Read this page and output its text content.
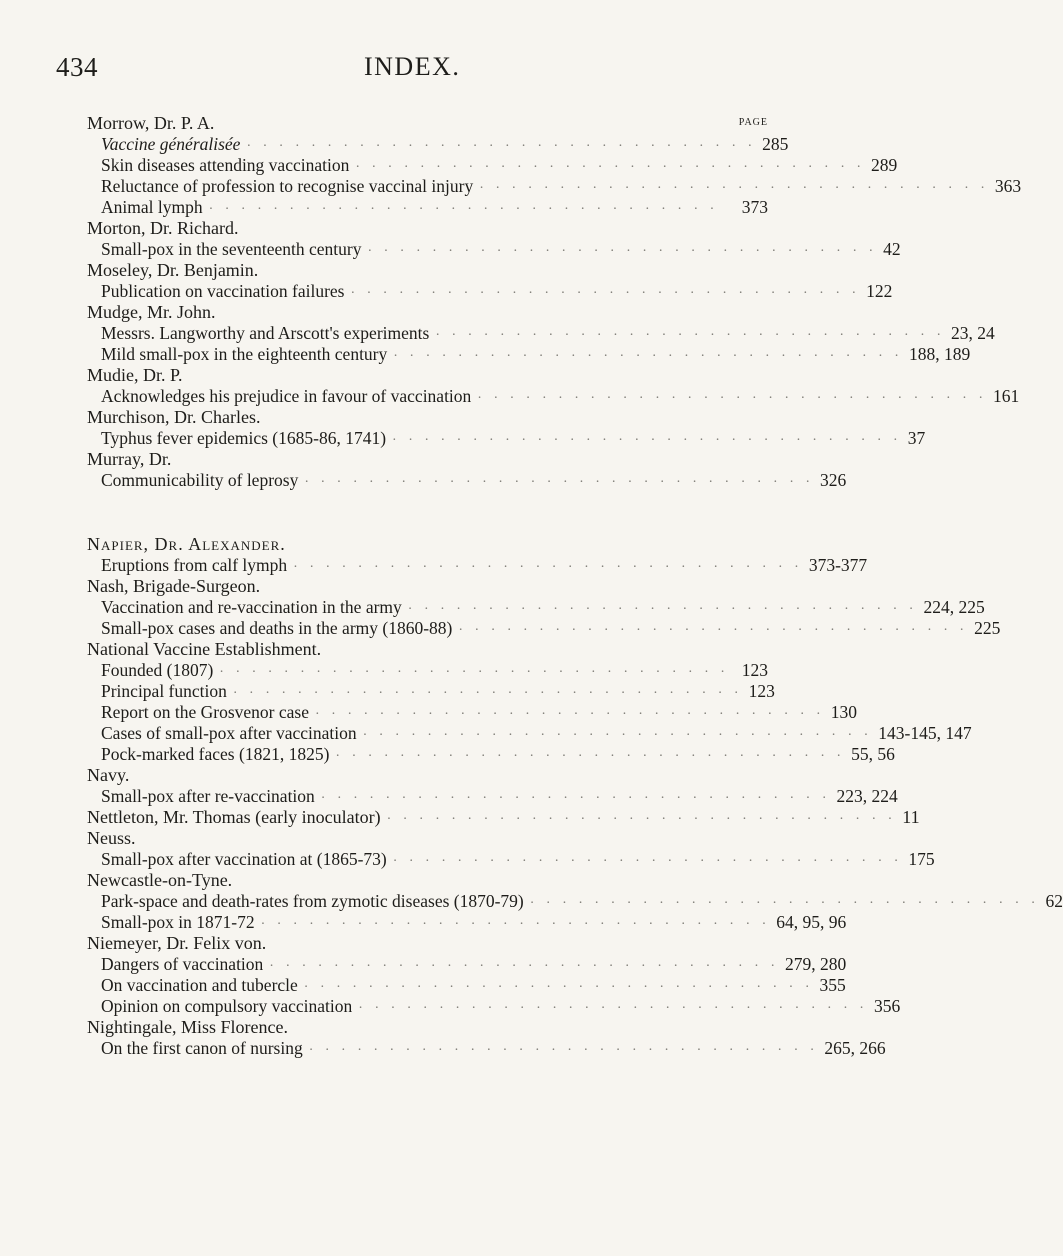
434	INDEX.
PAGE
Morrow, Dr. P. A.
Vaccine généralisée · · · · · · · · · · · · · · · · · · · · · · · · · · · · · · · · 285
Skin diseases attending vaccination · · · · · · · · · · · · · · · · · · · · · · · · · · · · · · · · 289
Reluctance of profession to recognise vaccinal injury · · · · · · · · · · · · · · · · · · · · · · · · · · · · · · · · 363
Animal lymph · · · · · · · · · · · · · · · · · · · · · · · · · · · · · · · ·	373
Morton, Dr. Richard.
Small-pox in the seventeenth century · · · · · · · · · · · · · · · · · · · · · · · · · · · · · · · · 42
Moseley, Dr. Benjamin.
Publication on vaccination failures · · · · · · · · · · · · · · · · · · · · · · · · · · · · · · · · 122
Mudge, Mr. John.
Messrs. Langworthy and Arscott's experiments · · · · · · · · · · · · · · · · · · · · · · · · · · · · · · · · 23, 24
Mild small-pox in the eighteenth century · · · · · · · · · · · · · · · · · · · · · · · · · · · · · · · · 188, 189
Mudie, Dr. P.
Acknowledges his prejudice in favour of vaccination · · · · · · · · · · · · · · · · · · · · · · · · · · · · · · · · 161
Murchison, Dr. Charles.
Typhus fever epidemics (1685-86, 1741) · · · · · · · · · · · · · · · · · · · · · · · · · · · · · · · · 37
Murray, Dr.
Communicability of leprosy · · · · · · · · · · · · · · · · · · · · · · · · · · · · · · · · 326
Napier, Dr. Alexander.
Eruptions from calf lymph · · · · · · · · · · · · · · · · · · · · · · · · · · · · · · · · 373-377
Nash, Brigade-Surgeon.
Vaccination and re-vaccination in the army · · · · · · · · · · · · · · · · · · · · · · · · · · · · · · · · 224, 225
Small-pox cases and deaths in the army (1860-88) · · · · · · · · · · · · · · · · · · · · · · · · · · · · · · · · 225
National Vaccine Establishment.
Founded (1807) · · · · · · · · · · · · · · · · · · · · · · · · · · · · · · · · 123
Principal function · · · · · · · · · · · · · · · · · · · · · · · · · · · · · · · · 123
Report on the Grosvenor case · · · · · · · · · · · · · · · · · · · · · · · · · · · · · · · · 130
Cases of small-pox after vaccination · · · · · · · · · · · · · · · · · · · · · · · · · · · · · · · · 143-145, 147
Pock-marked faces (1821, 1825) · · · · · · · · · · · · · · · · · · · · · · · · · · · · · · · · 55, 56
Navy.
Small-pox after re-vaccination · · · · · · · · · · · · · · · · · · · · · · · · · · · · · · · · 223, 224
Nettleton, Mr. Thomas (early inoculator) · · · · · · · · · · · · · · · · · · · · · · · · · · · · · · · · 11
Neuss.
Small-pox after vaccination at (1865-73) · · · · · · · · · · · · · · · · · · · · · · · · · · · · · · · · 175
Newcastle-on-Tyne.
Park-space and death-rates from zymotic diseases (1870-79) · · · · · · · · · · · · · · · · · · · · · · · · · · · · · · · · 62
Small-pox in 1871-72 · · · · · · · · · · · · · · · · · · · · · · · · · · · · · · · · 64, 95, 96
Niemeyer, Dr. Felix von.
Dangers of vaccination · · · · · · · · · · · · · · · · · · · · · · · · · · · · · · · · 279, 280
On vaccination and tubercle · · · · · · · · · · · · · · · · · · · · · · · · · · · · · · · · 355
Opinion on compulsory vaccination · · · · · · · · · · · · · · · · · · · · · · · · · · · · · · · · 356
Nightingale, Miss Florence.
On the first canon of nursing · · · · · · · · · · · · · · · · · · · · · · · · · · · · · · · · 265, 266
